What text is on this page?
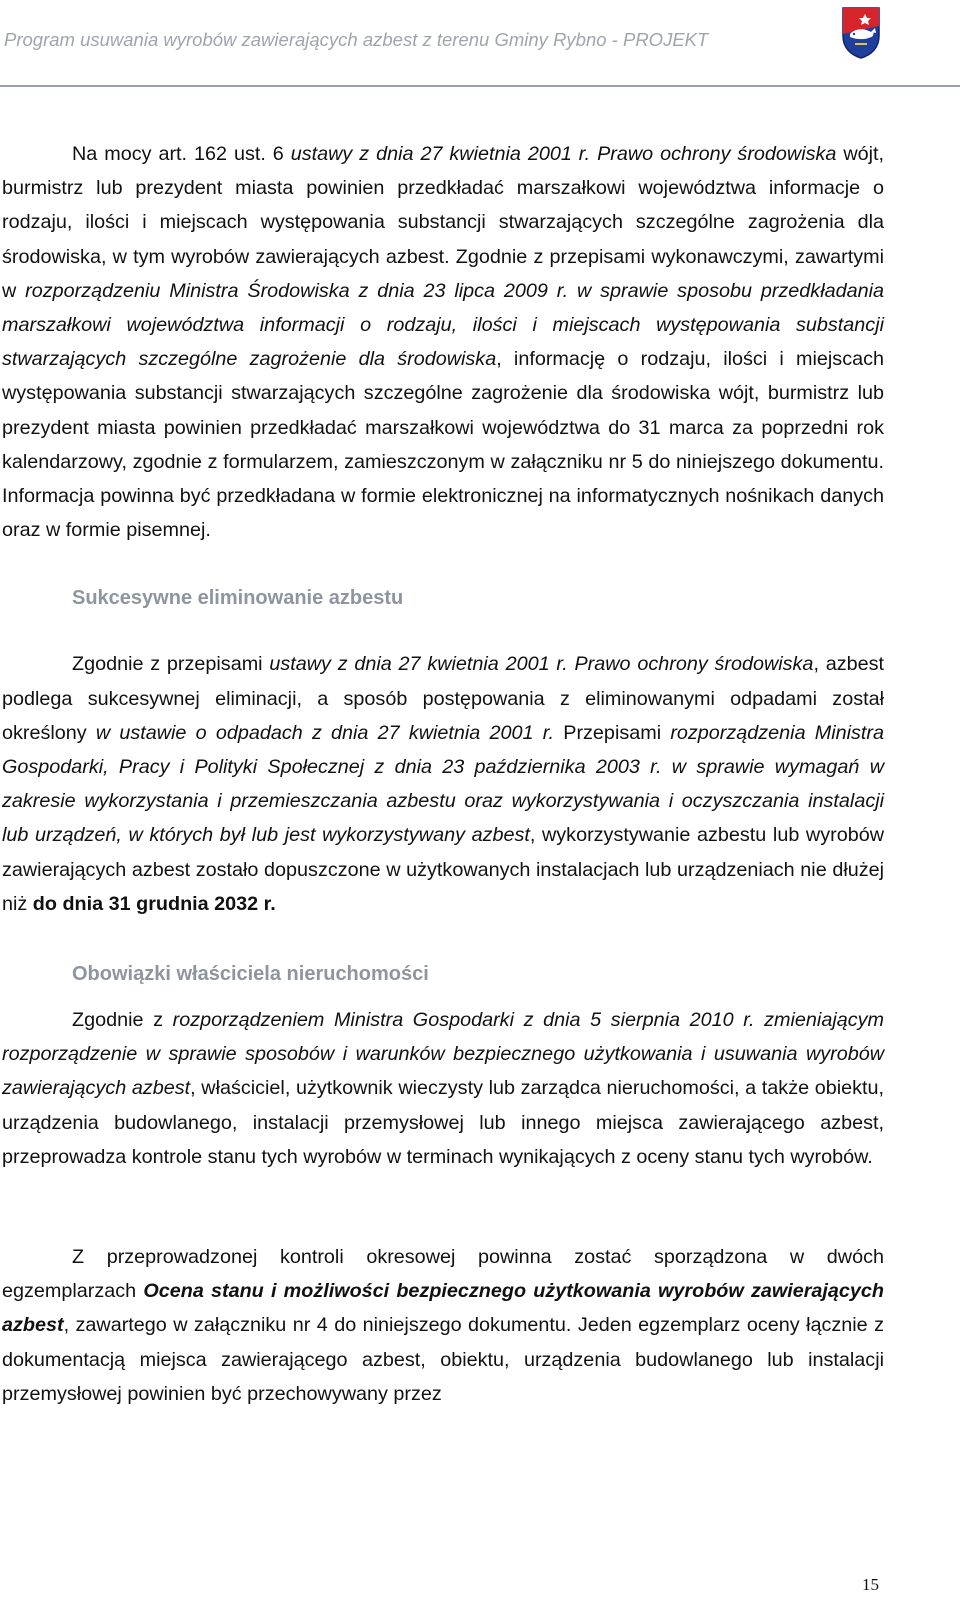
Program usuwania wyrobów zawierających azbest z terenu Gminy Rybno - PROJEKT

Na mocy art. 162 ust. 6 ustawy z dnia 27 kwietnia 2001 r. Prawo ochrony środowiska wójt, burmistrz lub prezydent miasta powinien przedkładać marszałkowi województwa informacje o rodzaju, ilości i miejscach występowania substancji stwarzających szczególne zagrożenia dla środowiska, w tym wyrobów zawierających azbest. Zgodnie z przepisami wykonawczymi, zawartymi w rozporządzeniu Ministra Środowiska z dnia 23 lipca 2009 r. w sprawie sposobu przedkładania marszałkowi województwa informacji o rodzaju, ilości i miejscach występowania substancji stwarzających szczególne zagrożenie dla środowiska, informację o rodzaju, ilości i miejscach występowania substancji stwarzających szczególne zagrożenie dla środowiska wójt, burmistrz lub prezydent miasta powinien przedkładać marszałkowi województwa do 31 marca za poprzedni rok kalendarzowy, zgodnie z formularzem, zamieszczonym w załączniku nr 5 do niniejszego dokumentu. Informacja powinna być przedkładana w formie elektronicznej na informatycznych nośnikach danych oraz w formie pisemnej.

Sukcesywne eliminowanie azbestu

Zgodnie z przepisami ustawy z dnia 27 kwietnia 2001 r. Prawo ochrony środowiska, azbest podlega sukcesywnej eliminacji, a sposób postępowania z eliminowanymi odpadami został określony w ustawie o odpadach z dnia 27 kwietnia 2001 r. Przepisami rozporządzenia Ministra Gospodarki, Pracy i Polityki Społecznej z dnia 23 października 2003 r. w sprawie wymagań w zakresie wykorzystania i przemieszczania azbestu oraz wykorzystywania i oczyszczania instalacji lub urządzeń, w których był lub jest wykorzystywany azbest, wykorzystywanie azbestu lub wyrobów zawierających azbest zostało dopuszczone w użytkowanych instalacjach lub urządzeniach nie dłużej niż do dnia 31 grudnia 2032 r.

Obowiązki właściciela nieruchomości

Zgodnie z rozporządzeniem Ministra Gospodarki z dnia 5 sierpnia 2010 r. zmieniającym rozporządzenie w sprawie sposobów i warunków bezpiecznego użytkowania i usuwania wyrobów zawierających azbest, właściciel, użytkownik wieczysty lub zarządca nieruchomości, a także obiektu, urządzenia budowlanego, instalacji przemysłowej lub innego miejsca zawierającego azbest, przeprowadza kontrole stanu tych wyrobów w terminach wynikających z oceny stanu tych wyrobów.

Z przeprowadzonej kontroli okresowej powinna zostać sporządzona w dwóch egzemplarzach Ocena stanu i możliwości bezpiecznego użytkowania wyrobów zawierających azbest, zawartego w załączniku nr 4 do niniejszego dokumentu. Jeden egzemplarz oceny łącznie z dokumentacją miejsca zawierającego azbest, obiektu, urządzenia budowlanego lub instalacji przemysłowej powinien być przechowywany przez

15
